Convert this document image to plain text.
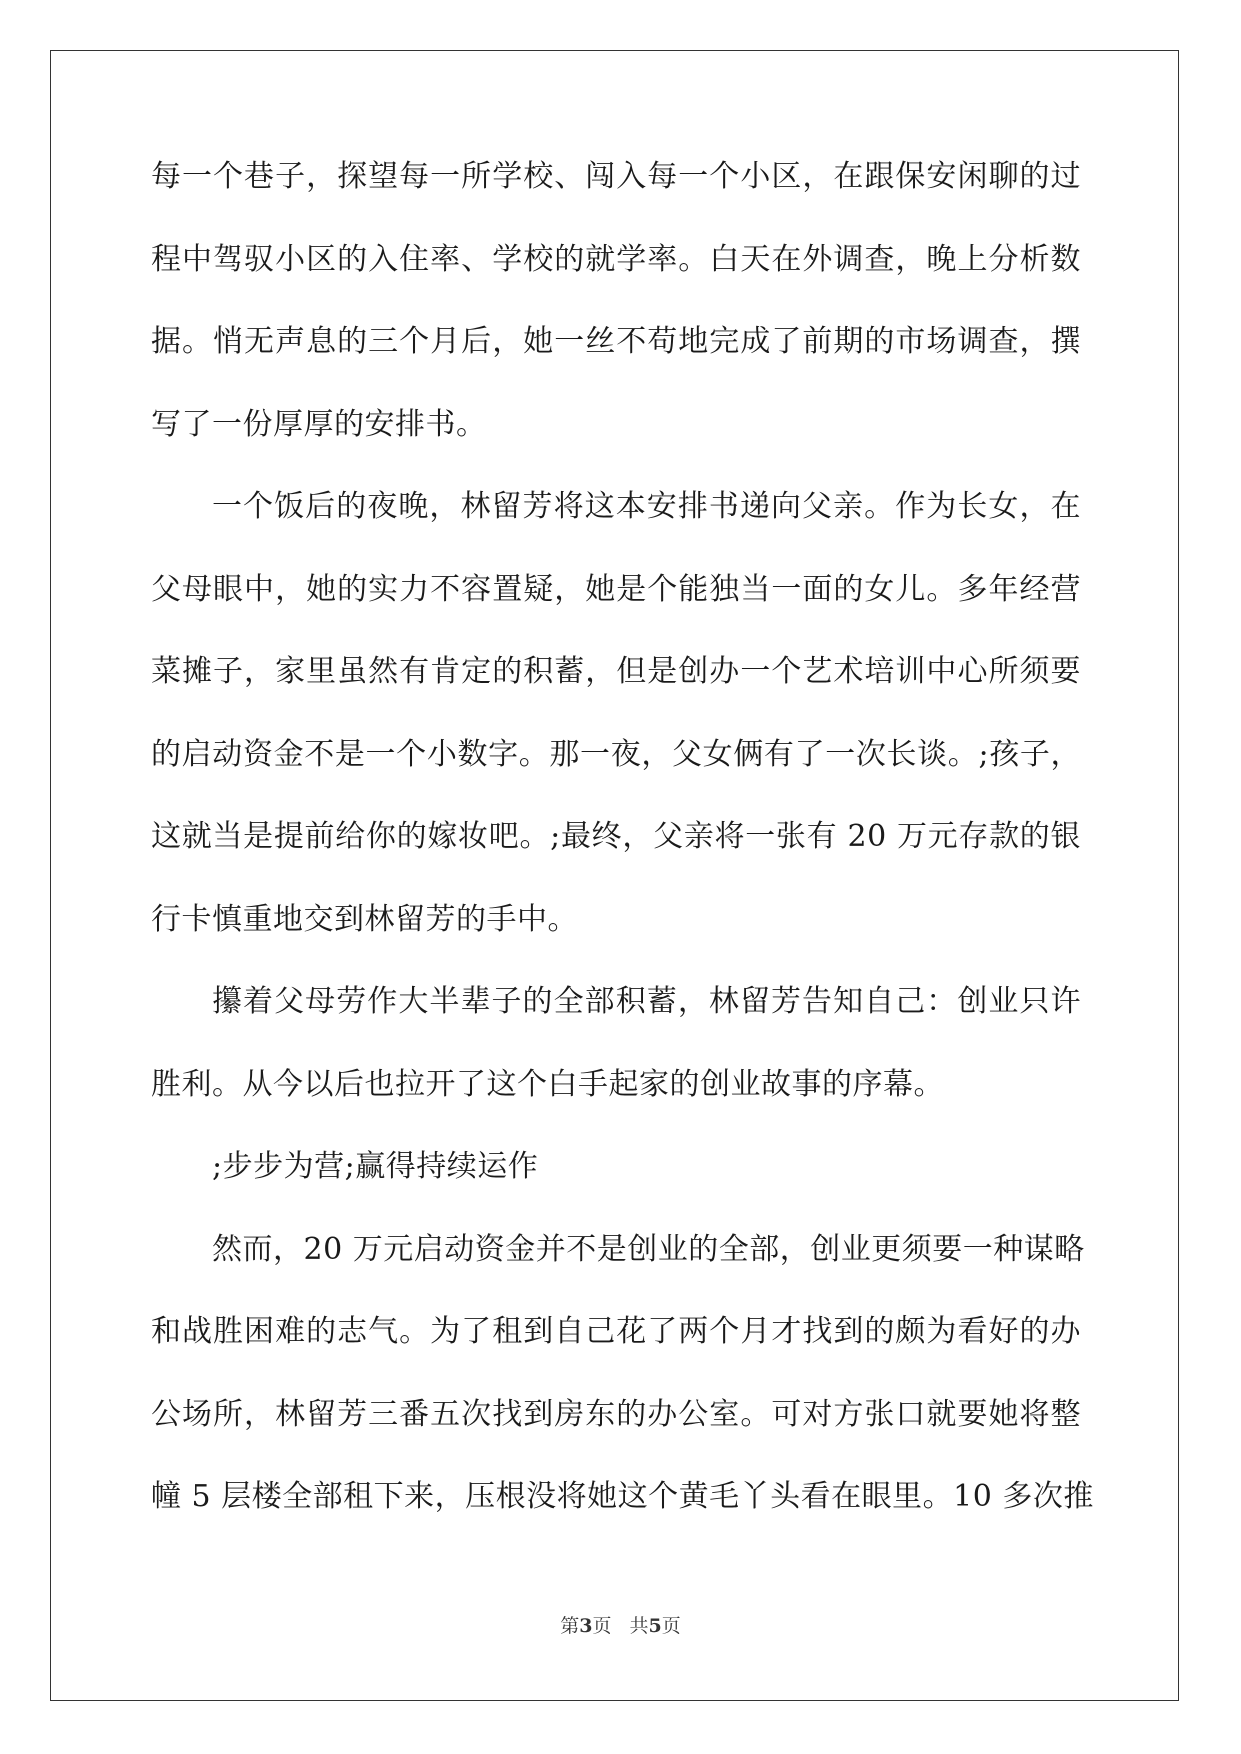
每一个巷子，探望每一所学校、闯入每一个小区，在跟保安闲聊的过
程中驾驭小区的入住率、学校的就学率。白天在外调查，晚上分析数
据。悄无声息的三个月后，她一丝不苟地完成了前期的市场调查，撰
写了一份厚厚的安排书。
一个饭后的夜晚，林留芳将这本安排书递向父亲。作为长女，在
父母眼中，她的实力不容置疑，她是个能独当一面的女儿。多年经营
菜摊子，家里虽然有肯定的积蓄，但是创办一个艺术培训中心所须要
的启动资金不是一个小数字。那一夜，父女俩有了一次长谈。;孩子，
这就当是提前给你的嫁妆吧。;最终，父亲将一张有 20 万元存款的银
行卡慎重地交到林留芳的手中。
攥着父母劳作大半辈子的全部积蓄，林留芳告知自己：创业只许
胜利。从今以后也拉开了这个白手起家的创业故事的序幕。
;步步为营;赢得持续运作
然而，20 万元启动资金并不是创业的全部，创业更须要一种谋略
和战胜困难的志气。为了租到自己花了两个月才找到的颇为看好的办
公场所，林留芳三番五次找到房东的办公室。可对方张口就要她将整
幢 5 层楼全部租下来，压根没将她这个黄毛丫头看在眼里。10 多次推
第3页 共5页
